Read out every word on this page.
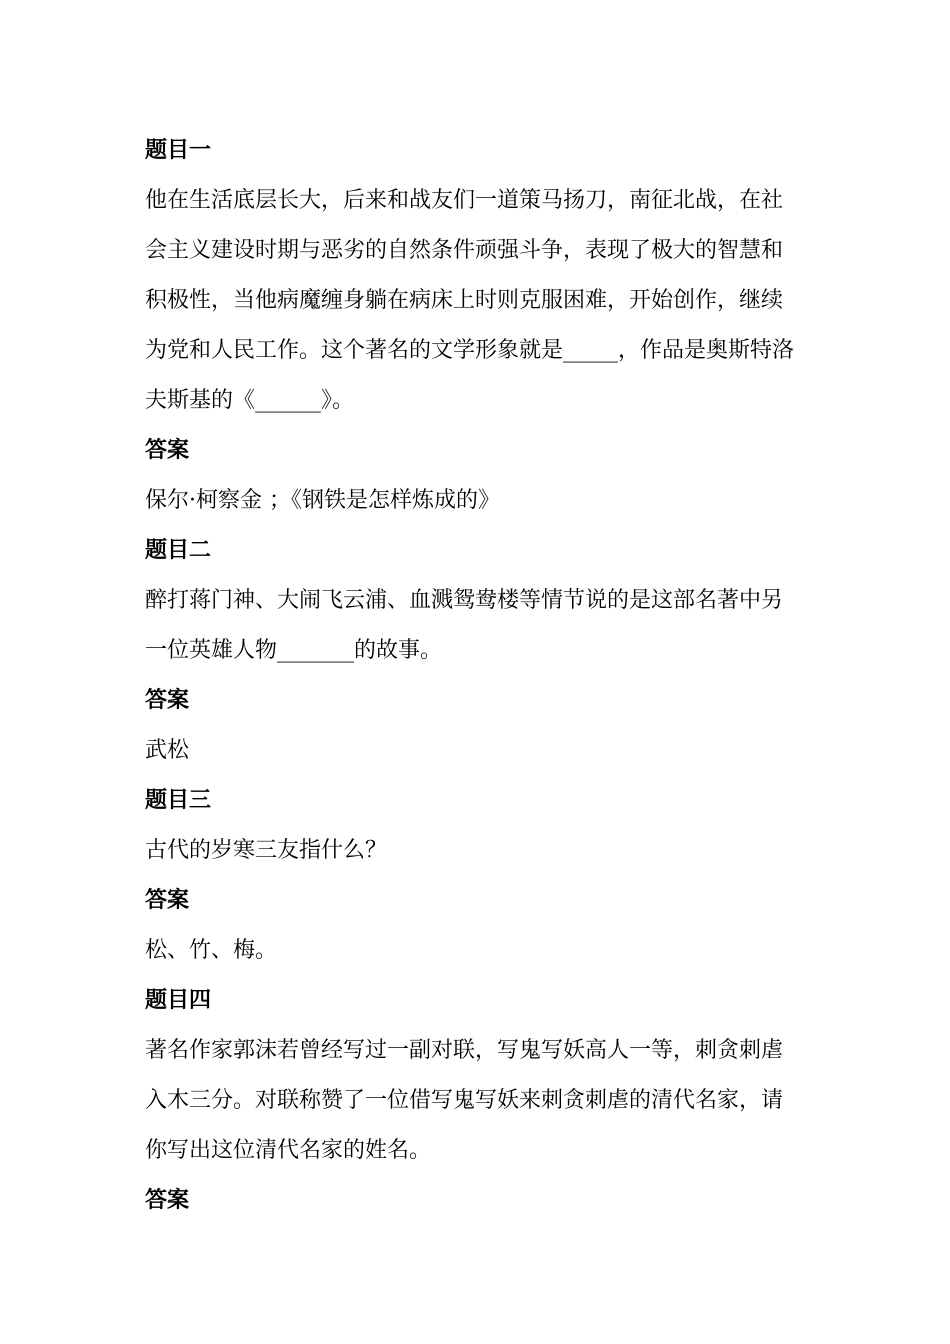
题目一
他在生活底层长大，后来和战友们一道策马扬刀，南征北战，在社
会主义建设时期与恶劣的自然条件顽强斗争，表现了极大的智慧和
积极性，当他病魔缠身躺在病床上时则克服困难，开始创作，继续
为党和人民工作。这个著名的文学形象就是_____，作品是奥斯特洛
夫斯基的《______》。
答案
保尔·柯察金 ；《钢铁是怎样炼成的》
题目二
醉打蒋门神、大闹飞云浦、血溅鸳鸯楼等情节说的是这部名著中另
一位英雄人物_______的故事。
答案
武松
题目三
古代的岁寒三友指什么？
答案
松、竹、梅。
题目四
著名作家郭沫若曾经写过一副对联，写鬼写妖高人一等，刺贪刺虐
入木三分。对联称赞了一位借写鬼写妖来刺贪刺虐的清代名家，请
你写出这位清代名家的姓名。
答案
